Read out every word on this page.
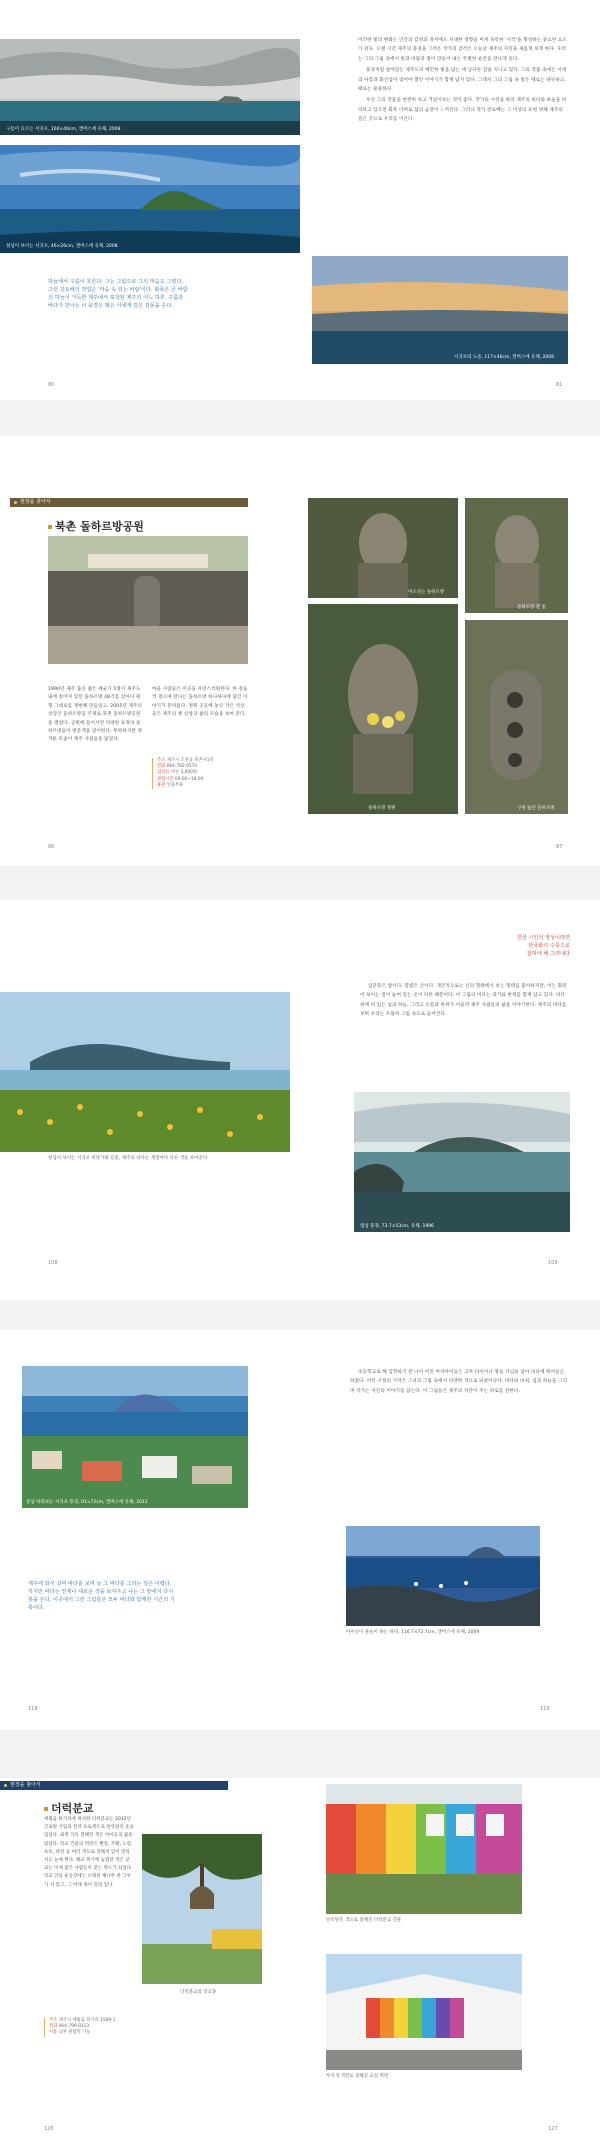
구름이 흐르는 서귀포, 160×46cm, 캔버스에 유채, 2008
섶섬이 보이는 서귀포, 46×26cm, 캔버스에 유채, 2008
하늘에서 구름이 흐른다. 그는 그림으로 그의 마음도 그렸다. 그런 강요배의 작업은 '마음 속 있는 바람'이다. 화폭은 큰 바람의 하늘이 가득한 제주에서 포착된 제주의 어느 하루. 구름과 바다가 만나는 이 풍경은 많은 이에게 깊은 감동을 준다.
서귀포의 노을, 117×46cm, 캔버스에 유채, 2008

이러한 빛의 변화는 인간의 감정과 정서에도 지대한 영향을 미쳐 독특한 '시각'을 형성하는 중요한 요소가 된다. 오랜 시간 제주의 풍경을 그려온 작가의 감각은 오늘날 제주의 자연을 새롭게 보게 한다. 우리는 그의 그림 속에서 빛과 바람과 땅이 만들어 내는 특별한 순간을 만나게 된다.

풍경처럼 살아있는 제주도의 예민한 빛을 담는 데 남다른 감을 지니고 있다. 그의 작품 속에는 시대의 아픔과 화산섬이 겪어야 했던 이야기가 함께 담겨 있다. 그래서 그의 그림 속 빛은 때로는 따뜻하고, 때로는 쓸쓸하다.

우선 그의 작품을 천천히 보고 거닐어보는 것이 좋다. 작가의 시선을 따라 제주의 바다와 하늘을 바라보고 있으면 화폭 너머로 섬의 숨결이 느껴진다. 그러나 작가 강요배는 그 이상의 표현 위해 제주의 깊은 곳으로 우리를 이끈다.

80	81
현장을 찾아서
북촌 돌하르방공원
1990년 제주 출신 젊은 예술가 5명이 제주도 내에 흩어져 있던 돌하르방 48기를 찾아다 원형 그대로를 재현해 만들었고, 2005년 제주의 상징인 돌하르방을 주제로 북촌 돌하르방공원을 열었다. 공원에 들어서면 다양한 표정의 돌하르방들이 방문객을 맞이한다. 투박하지만 정겨운 모습이 제주 사람들을 닮았다.
마을 사람들은 이곳을 자랑스러워한다. 한 걸음씩 걸으며 만나는 돌하르방 하나하나에 담긴 이야기가 흥미롭다. 정원 곳곳에 놓인 작은 석상들은 제주의 옛 신앙과 삶의 모습을 보여 준다.
주소 제주시 조천읍 북촌서1길
전화 064-782-0570
입장료 어른 3,000원
관람시간 09:00~18:00
휴관 연중무휴
미소짓는 돌하르방
돌하르방 옆 꽃
돌하르방 정원	구멍 뚫린 돌하르방
86	87
천상 시인의 영성이라면
한국화의 수묵으로
잡혀야 해 그려내다
섶섬이 보이는 서귀포 바닷가와 들꽃, 제주의 바다는 계절마다 다른 색을 보여준다
입춘풍은 밤이다. 봄볕은 산이다. 개인적으로는 산의 형태에서 보는 형태를 좋아하지만, 이는 화폭이 보이는 점이 놓여 있는 곳이 다른 때문이다. 이 그림의 바다는 과거와 현재를 함께 담고 있다. 바다 위에 떠 있는 섬과 하늘, 그리고 오름과 바위가 어울려 제주 사람들의 삶을 이야기한다. 제주의 바다를 보며 우리는 조용히 그림 속으로 들어간다.
범섬 풍경, 73.7×53cm, 유채, 1996
108	109
문섬 바라보는 서귀포 풍경, 91×72cm, 캔버스에 유채, 2011
제주에 와서 살며 바다를 보며 늘 그 바다를 그리는 일은 어렵다. 하지만 바다는 언제나 새로운 색을 보여주고 나는 그 앞에서 다시 붓을 든다. 이곳에서 그린 그림들은 모두 바다와 함께한 시간의 기록이다.
초등학교로 해 입학하기 전 나이 어린 여자아이들은 고무 타이어나 땅을 디딤돌 삼아 바다에 뛰어들곤 하였다. 어린 시절의 기억은 그녀의 그림 속에서 다양한 색으로 되살아난다. 바다와 바위, 섬과 하늘을 그리며 작가는 자신의 이야기를 담는다. 이 그림들은 제주의 자연이 주는 위로를 전한다.
아이들이 물놀이 하는 바다, 116.7×72.7cm, 캔버스에 유채, 2009
118	119
현장을 찾아서
더럭분교
애월읍 하가리에 위치한 더럭분교는 2012년 글로벌 기업의 컬러 프로젝트로 알록달록 옷을 입었다. 외벽 가득 칠해진 색은 아이들의 꿈을 닮았다. 학교 건물의 벽면은 빨강, 주황, 노랑, 초록, 파랑 등 여러 색으로 칠해져 있어 멀리서도 눈에 띈다. 폐교 위기에 놓였던 작은 분교는 이제 많은 사람들이 찾는 명소가 되었다. 학교 안의 운동장에는 오래된 팽나무 한 그루가 서 있고, 그 아래 종이 걸려 있다.
더럭분교의 학교종
주소 제주시 애월읍 하가리 1569-1
전화 064-799-0113
이용 외부 관람만 가능
알록달록 색으로 칠해진 더럭분교 건물
무지개 색깔로 칠해진 교실 벽면
126	127
